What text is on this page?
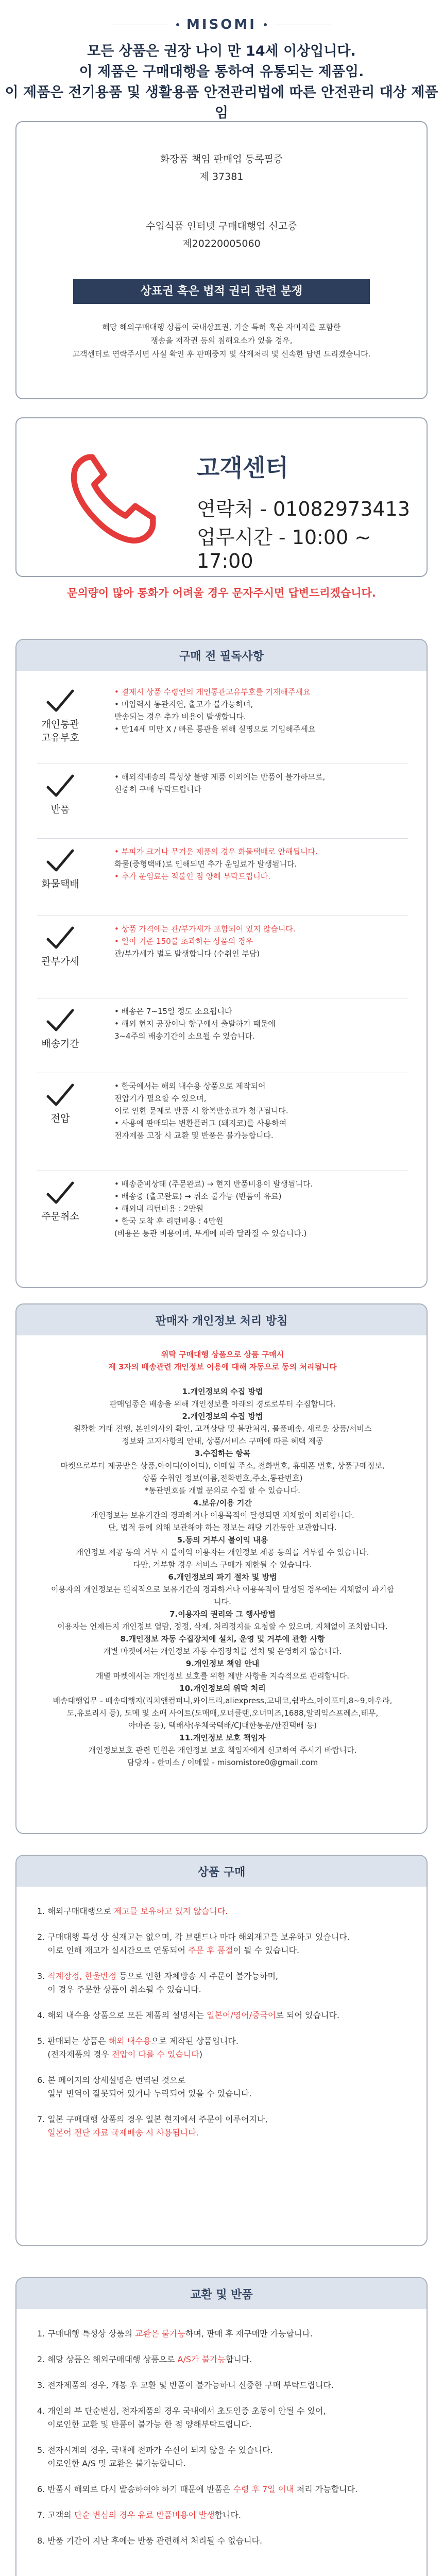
MISOMI
모든 상품은 권장 나이 만 14세 이상입니다.
이 제품은 구매대행을 통하여 유통되는 제품임.
이 제품은 전기용품 및 생활용품 안전관리법에 따른 안전관리 대상 제품임
화장품 책임 판매업 등록필증
제 37381
수입식품 인터넷 구매대행업 신고증
제20220005060
상표권 혹은 법적 권리 관련 분쟁
해당 해외구매대행 상품이 국내상표권, 기술 특허 혹은 자미지를 포함한
쟁송을 저작권 등의 침해요소가 있을 경우,
고객센터로 연락주시면 사실 확인 후 판매중지 및 삭제처리 및 신속한 답변 드리겠습니다.
고객센터
연락처 - 01082973413
업무시간 - 10:00 ~ 17:00
문의량이 많아 통화가 어려울 경우 문자주시면 답변드리겠습니다.
구매 전 필독사항
개인통관
고유부호
• 결제시 상품 수령인의 개인통관고유부호를 기재해주세요
• 미입력시 통관지연, 출고가 불가능하며,
반송되는 경우 추가 비용이 발생합니다.
• 만14세 미만 X / 빠른 통관을 위해 실명으로 기입해주세요
반품
• 해외직배송의 특성상 불량 제품 이외에는 반품이 불가하므로,
신중히 구매 부탁드립니다
화물택배
• 부피가 크거나 무거운 제품의 경우 화물택배로 안해됩니다.
화물(중형택배)로 인해되면 추가 운임료가 발생됩니다.
• 추가 운임료는 적불인 점 양해 부탁드립니다.
관부가세
• 상품 가격에는 관/부가세가 포함되어 있지 않습니다.
• 일이 기준 150불 초과하는 상품의 경우
관/부가세가 별도 발생합니다 (수취인 부담)
배송기간
• 배송은 7~15일 정도 소요됩니다
• 해외 현지 공장이나 항구에서 출발하기 때문에
3~4주의 배송기간이 소요될 수 있습니다.
전압
• 한국에서는 해외 내수용 상품으로 제작되어
전압기가 필요할 수 있으며,
이로 인한 문제로 반품 시 왕복반송료가 청구됩니다.
• 사용에 판매되는 변환플러그 (돼지코)를 사용하여
전자제품 고장 시 교환 및 반품은 불가능합니다.
주문취소
• 배송준비상태 (주문완료) → 현지 반품비용이 발생됩니다.
• 배송중 (출고완료) → 취소 불가능 (반품이 유료)
• 해외내 리턴비용 : 2만원
• 한국 도착 후 리턴비용 : 4만원
(비용은 통관 비용이며, 무게에 따라 달라질 수 있습니다.)
판매자 개인정보 처리 방침
위탁 구매대행 상품으로 상품 구매시
제 3자의 배송관련 개인정보 이용에 대해 자동으로 동의 처리됩니다

1.개인정보의 수집 방법
판매업종은 배송을 위해 개인정보를 아래의 경로로부터 수집합니다.
2.개인정보의 수집 방법
원활한 거래 진행, 본인의사의 확인, 고객상담 및 불만처리, 물품배송, 새로운 상품/서비스
정보와 고지사항의 안내, 상품/서비스 구매에 따른 혜택 제공
3.수집하는 항목
마켓으로부터 제공받은 상품,아이디(아이디), 이메일 주소, 전화번호, 휴대폰 번호, 상품구매정보,
상품 수취인 정보(이름,전화번호,주소,통관번호)
*통관번호를 개별 문의로 수집 할 수 있습니다.
4.보유/이용 기간
개인정보는 보유기간의 경과하거나 이용목적이 달성되면 지체없이 처리합니다.
단, 법적 등에 의해 보관해야 하는 정보는 해당 기간동안 보관합니다.
5.동의 거부시 불이익 내용
개인정보 제공 동의 거부 시 불이익 이용자는 개인정보 제공 동의를 거부할 수 있습니다.
다만, 거부할 경우 서비스 구매가 제한될 수 있습니다.
6.개인정보의 파기 절차 및 방법
이용자의 개인정보는 원칙적으로 보유기간의 경과하거나 이용목적이 달성된 경우에는 지체없이 파기합니다.
7.이용자의 권리와 그 행사방법
이용자는 언제든지 개인정보 열람, 정정, 삭제, 처리정지를 요청할 수 있으며, 지체없이 조치합니다.
8.개인정보 자동 수집장치에 설치, 운영 및 거부에 관한 사항
개별 마켓에서는 개인정보 자동 수집장치를 설치 및 운영하지 않습니다.
9.개인정보 책임 안내
개별 마켓에서는 개인정보 보호를 위한 제반 사항을 지속적으로 관리합니다.
10.개인정보의 위탁 처리
배송대행업무 - 배송대행지(리치앤컴퍼니,와이트리,aliexpress,고내코,쉽박스,아이포터,8~9,아우라,
도,유로리시 등), 도메 및 소매 사이트(도매매,오너클랜,오너미즈,1688,알리익스프레스,테무,
아마존 등), 택배사(우체국택배/CJ대한통운/한진택배 등)
11.개인정보 보호 책임자
개인정보보호 관련 민원은 개인정보 보호 책임자에게 신고하여 주시기 바랍니다.
담당자 - 한미소 / 이메일 - misomistore0@gmail.com
상품 구매
1. 해외구매대행으로 제고를 보유하고 있지 않습니다.
2. 구매대행 특성 상 실재고는 없으며, 각 브랜드나 마다 해외재고를 보유하고 있습니다.
이로 인해 재고가 실시간으로 연동되어 주문 후 품절이 될 수 있습니다.
3. 직계장정, 한울반정 등으로 인한 자체방송 시 주문이 불가능하며,
이 경우 주문한 상품이 취소될 수 있습니다.
4. 해외 내수용 상품으로 모든 제품의 설명서는 일본어/영어/중국어로 되어 있습니다.
5. 판매되는 상품은 해외 내수용으로 제작된 상품입니다.
(전자제품의 경우 전압이 다를 수 있습니다)
6. 본 페이지의 상세설명은 번역된 것으로
일부 번역이 잘못되어 있거나 누락되어 있을 수 있습니다.
7. 일본 구매대행 상품의 경우 일본 현지에서 주문이 이루어지나,
일본어 전단 자료 국제배송 시 사용됩니다.
교환 및 반품
1. 구매대행 특성상 상품의 교환은 불가능하며, 판매 후 재구매만 가능합니다.
2. 해당 상품은 해외구매대행 상품으로 A/S가 불가능합니다.
3. 전자제품의 경우, 개봉 후 교환 및 반품이 불가능하니 신중한 구매 부탁드립니다.
4. 개인의 부 단순변심, 전자제품의 경우 국내에서 초도인증 초동이 안될 수 있어,
이로인한 교환 및 반품이 불가능 한 점 양해부탁드립니다.
5. 전자시계의 경우, 국내에 전파가 수신이 되지 않을 수 있습니다.
이로인한 A/S 및 교환은 불가능합니다.
6. 반품시 해외로 다시 발송하여야 하기 때문에 반품은 수령 후 7일 이내 처리 가능합니다.
7. 고객의 단순 변심의 경우 유료 반품비용이 발생합니다.
8. 반품 기간이 지난 후에는 반품 관련해서 처리될 수 없습니다.
